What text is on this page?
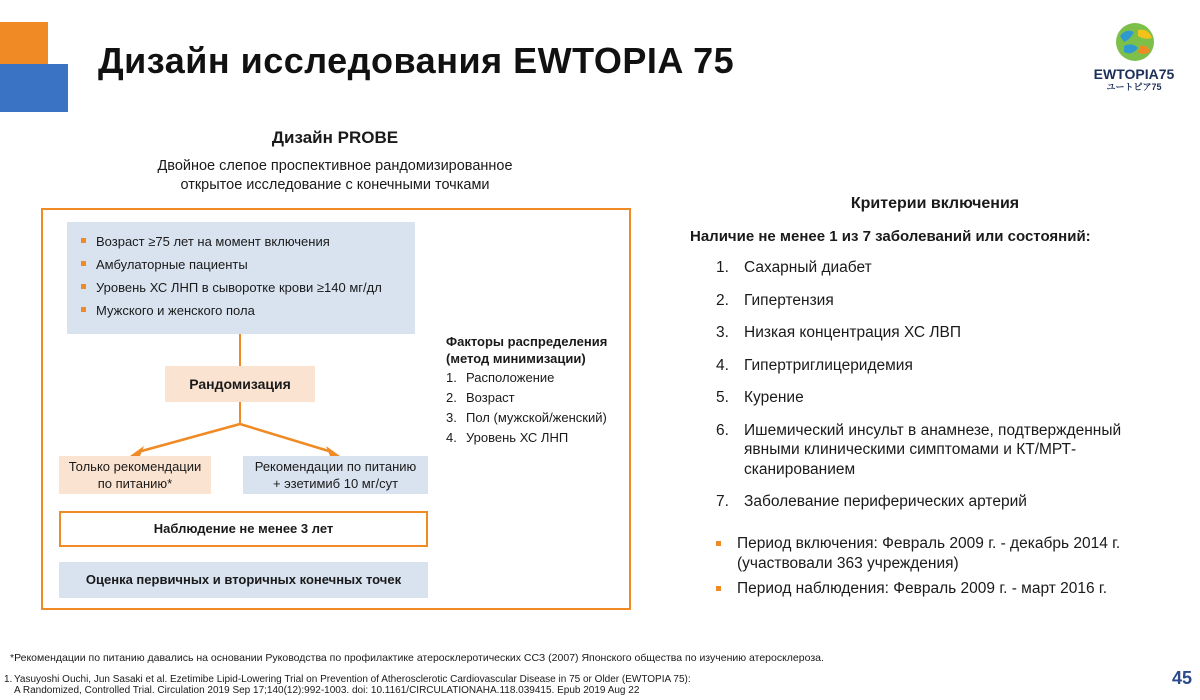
Дизайн исследования EWTOPIA 75	EWTOPIA75
ユートピア75
Дизайн PROBE
Двойное слепое проспективное рандомизированное
открытое исследование с конечными точками
Возраст ≥75 лет на момент включения
Амбулаторные пациенты
Уровень ХС ЛНП в сыворотке крови ≥140 мг/дл
Мужского и женского пола
Рандомизация
Только рекомендации
по питанию*
Рекомендации по питанию
+ эзетимиб 10 мг/сут
Наблюдение не менее 3 лет
Оценка первичных и вторичных конечных точек
Факторы распределения
(метод минимизации)
1. Расположение
2. Возраст
3. Пол (мужской/женский)
4. Уровень ХС ЛНП
Критерии включения
Наличие не менее 1 из 7 заболеваний или состояний:
1. Сахарный диабет
2. Гипертензия
3. Низкая концентрация ХС ЛВП
4. Гипертриглицеридемия
5. Курение
6. Ишемический инсульт в анамнезе, подтвержденный явными клиническими симптомами и КТ/МРТ-сканированием
7. Заболевание периферических артерий
Период включения: Февраль 2009 г. - декабрь 2014 г. (участвовали 363 учреждения)
Период наблюдения: Февраль 2009 г. - март 2016 г.
*Рекомендации по питанию давались на основании Руководства по профилактике атеросклеротических ССЗ (2007) Японского общества по изучению атеросклероза.
1. Yasuyoshi Ouchi, Jun Sasaki et al. Ezetimibe Lipid-Lowering Trial on Prevention of Atherosclerotic Cardiovascular Disease in 75 or Older (EWTOPIA 75):
A Randomized, Controlled Trial. Circulation 2019 Sep 17;140(12):992-1003. doi: 10.1161/CIRCULATIONAHA.118.039415. Epub 2019 Aug 22
45
